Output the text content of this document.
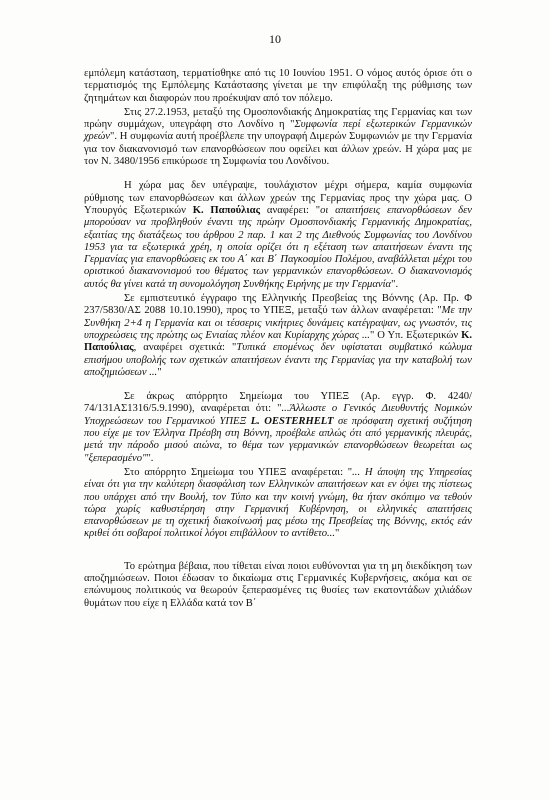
10

εμπόλεμη κατάσταση, τερματίσθηκε από τις 10 Ιουνίου 1951. Ο νόμος αυτός όρισε ότι ο τερματισμός της Εμπόλεμης Κατάστασης γίνεται με την επιφύλαξη της ρύθμισης των ζητημάτων και διαφορών που προέκυψαν από τον πόλεμο.

Στις 27.2.1953, μεταξύ της Ομοσπονδιακής Δημοκρατίας της Γερμανίας και των πρώην συμμάχων, υπεγράφη στο Λονδίνο η "Συμφωνία περί εξωτερικών Γερμανικών χρεών". Η συμφωνία αυτή προέβλεπε την υπογραφή Διμερών Συμφωνιών με την Γερμανία για τον διακανονισμό των επανορθώσεων που οφείλει και άλλων χρεών. Η χώρα μας με τον Ν. 3480/1956 επικύρωσε τη Συμφωνία του Λονδίνου.

Η χώρα μας δεν υπέγραψε, τουλάχιστον μέχρι σήμερα, καμία συμφωνία ρύθμισης των επανορθώσεων και άλλων χρεών της Γερμανίας προς την χώρα μας. Ο Υπουργός Εξωτερικών Κ. Παπούλιας αναφέρει: "οι απαιτήσεις επανορθώσεων δεν μπορούσαν να προβληθούν έναντι της πρώην Ομοσπονδιακής Γερμανικής Δημοκρατίας, εξαιτίας της διατάξεως του άρθρου 2 παρ. 1 και 2 της Διεθνούς Συμφωνίας του Λονδίνου 1953 για τα εξωτερικά χρέη, η οποία ορίζει ότι η εξέταση των απαιτήσεων έναντι της Γερμανίας για επανορθώσεις εκ του Α΄ και Β΄ Παγκοσμίου Πολέμου, αναβάλλεται μέχρι του οριστικού διακανονισμού του θέματος των γερμανικών επανορθώσεων. Ο διακανονισμός αυτός θα γίνει κατά τη συνομολόγηση Συνθήκης Ειρήνης με την Γερμανία".

Σε εμπιστευτικό έγγραφο της Ελληνικής Πρεσβείας της Βόννης (Αρ. Πρ. Φ 237/5830/ΑΣ 2088 10.10.1990), προς το ΥΠΕΞ, μεταξύ των άλλων αναφέρεται: "Με την Συνθήκη 2+4 η Γερμανία και οι τέσσερις νικήτριες δυνάμεις κατέγραψαν, ως γνωστόν, τις υποχρεώσεις της πρώτης ως Ενιαίας πλέον και Κυρίαρχης χώρας ..." Ο Υπ. Εξωτερικών Κ. Παπούλιας, αναφέρει σχετικά: "Τυπικά επομένως δεν υφίσταται συμβατικό κώλυμα επισήμου υποβολής των σχετικών απαιτήσεων έναντι της Γερμανίας για την καταβολή των αποζημιώσεων ..."

Σε άκρως απόρρητο Σημείωμα του ΥΠΕΞ (Αρ. εγγρ. Φ. 4240/ 74/131ΑΣ1316/5.9.1990), αναφέρεται ότι: "...Άλλωστε ο Γενικός Διευθυντής Νομικών Υποχρεώσεων του Γερμανικού ΥΠΕΞ L. OESTERHELT σε πρόσφατη σχετική συζήτηση που είχε με τον Έλληνα Πρέσβη στη Βόννη, προέβαλε απλώς ότι από γερμανικής πλευράς, μετά την πάροδο μισού αιώνα, το θέμα των γερμανικών επανορθώσεων θεωρείται ως "ξεπερασμένο"".

Στο απόρρητο Σημείωμα του ΥΠΕΞ αναφέρεται: "... Η άποψη της Υπηρεσίας είναι ότι για την καλύτερη διασφάλιση των Ελληνικών απαιτήσεων και εν όψει της πίστεως που υπάρχει από την Βουλή, τον Τύπο και την κοινή γνώμη, θα ήταν σκόπιμο να τεθούν τώρα χωρίς καθυστέρηση στην Γερμανική Κυβέρνηση, οι ελληνικές απαιτήσεις επανορθώσεων με τη σχετική διακοίνωσή μας μέσω της Πρεσβείας της Βόννης, εκτός εάν κριθεί ότι σοβαροί πολιτικοί λόγοι επιβάλλουν το αντίθετο..."

Το ερώτημα βέβαια, που τίθεται είναι ποιοι ευθύνονται για τη μη διεκδίκηση των αποζημιώσεων. Ποιοι έδωσαν το δικαίωμα στις Γερμανικές Κυβερνήσεις, ακόμα και σε επώνυμους πολιτικούς να θεωρούν ξεπερασμένες τις θυσίες των εκατοντάδων χιλιάδων θυμάτων που είχε η Ελλάδα κατά τον Β΄
